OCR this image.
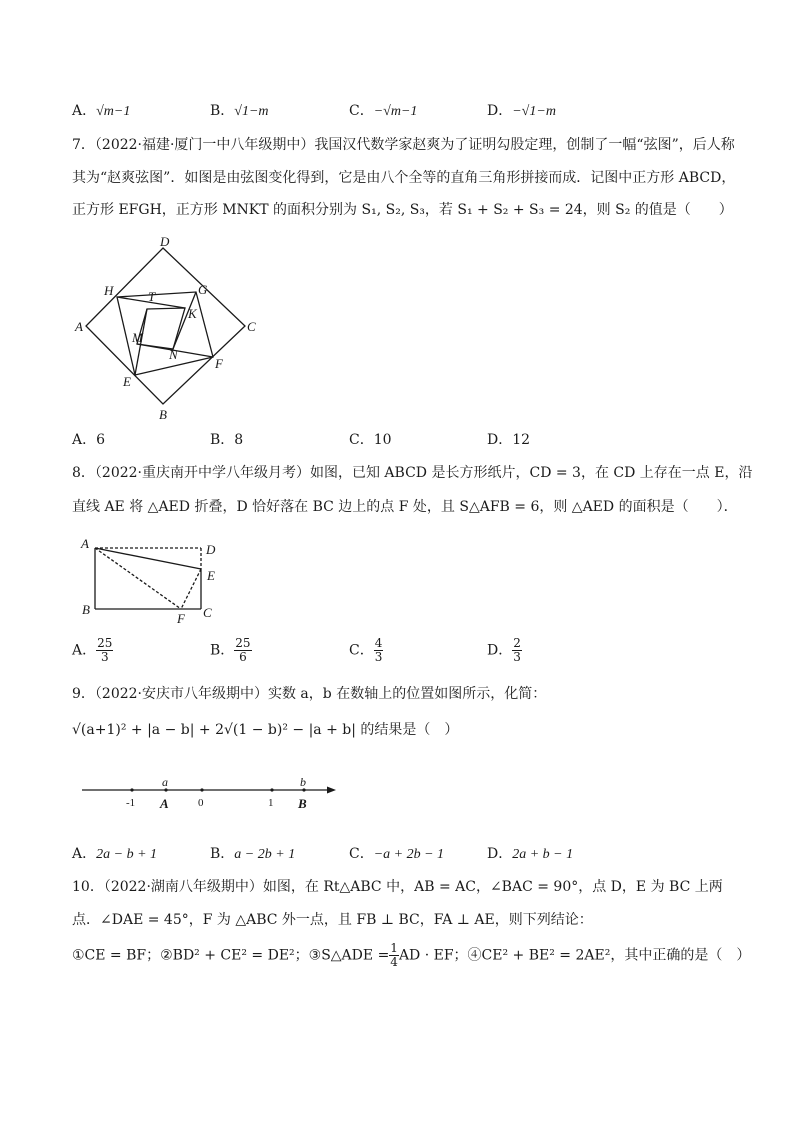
A．√m−1	B．√1−m	C．−√m−1	D．−√1−m
7．（2022·福建·厦门一中八年级期中）我国汉代数学家赵爽为了证明勾股定理，创制了一幅“弦图”，后人称
其为“赵爽弦图”．如图是由弦图变化得到，它是由八个全等的直角三角形拼接而成．记图中正方形 ABCD，
正方形 EFGH，正方形 MNKT 的面积分别为 S₁, S₂, S₃，若 S₁ + S₂ + S₃ = 24，则 S₂ 的值是（　　）
D
G
H	T
K
A	C
M
N
F
E
B
A．6	B．8	C．10	D．12
8．（2022·重庆南开中学八年级月考）如图，已知 ABCD 是长方形纸片，CD = 3，在 CD 上存在一点 E，沿
直线 AE 将 △AED 折叠，D 恰好落在 BC 边上的点 F 处，且 S△AFB = 6，则 △AED 的面积是（　　）．
A	D
E
B
F C
A． $\frac{25}{3}$	B． $\frac{25}{6}$	C． $\frac{4}{3}$	D． $\frac{2}{3}$
9．（2022·安庆市八年级期中）实数 a，b 在数轴上的位置如图所示，化简：
√(a+1)² + |a − b| + 2√(1 − b)² − |a + b| 的结果是（　）
a	b
-1	0	1
A	B
A．2a − b + 1	B．a − 2b + 1	C．−a + 2b − 1	D．2a + b − 1
10．（2022·湖南八年级期中）如图，在 Rt△ABC 中，AB = AC，∠BAC = 90°，点 D，E 为 BC 上两
点．∠DAE = 45°，F 为 △ABC 外一点，且 FB ⊥ BC，FA ⊥ AE，则下列结论：
①CE = BF；②BD² + CE² = DE²；③S△ADE = $\frac{1}{4}$ AD · EF；④CE² + BE² = 2AE²，其中正确的是（　）
